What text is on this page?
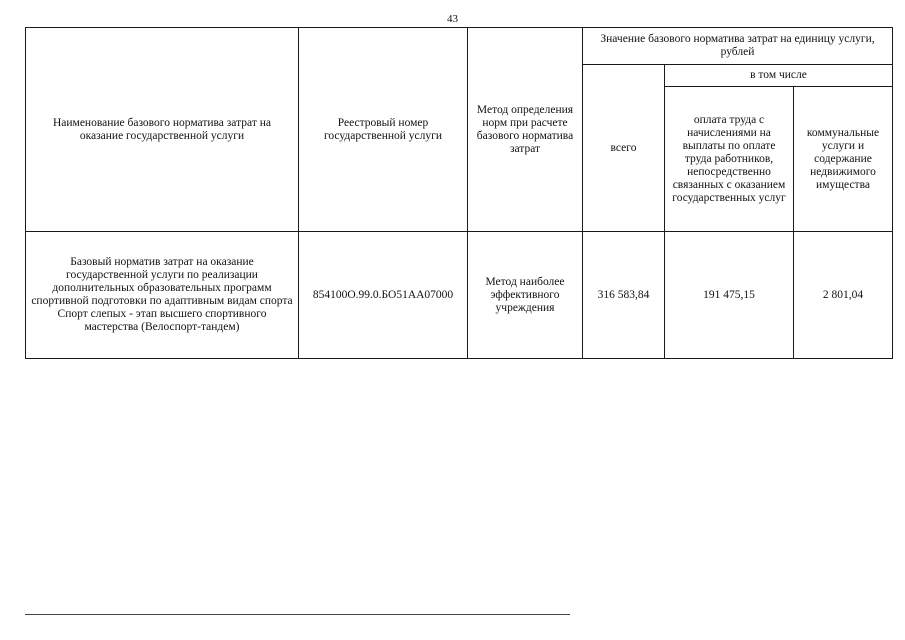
43
Наименование базового норматива затрат на оказание государственной услуги	Реестровый номер государственной услуги	Метод определения норм при расчете базового норматива затрат	Значение базового норматива затрат на единицу услуги, рублей		
			всего	в том числе	
				оплата труда с начислениями на выплаты по оплате труда работников, непосредственно связанных с оказанием государственных услуг	коммунальные услуги и содержание недвижимого имущества
Базовый норматив затрат на оказание государственной услуги по реализации дополнительных образовательных программ спортивной подготовки по адаптивным видам спорта Спорт слепых - этап высшего спортивного мастерства (Велоспорт-тандем)	854100О.99.0.БО51АА07000	Метод наиболее эффективного учреждения	316 583,84	191 475,15	2 801,04
